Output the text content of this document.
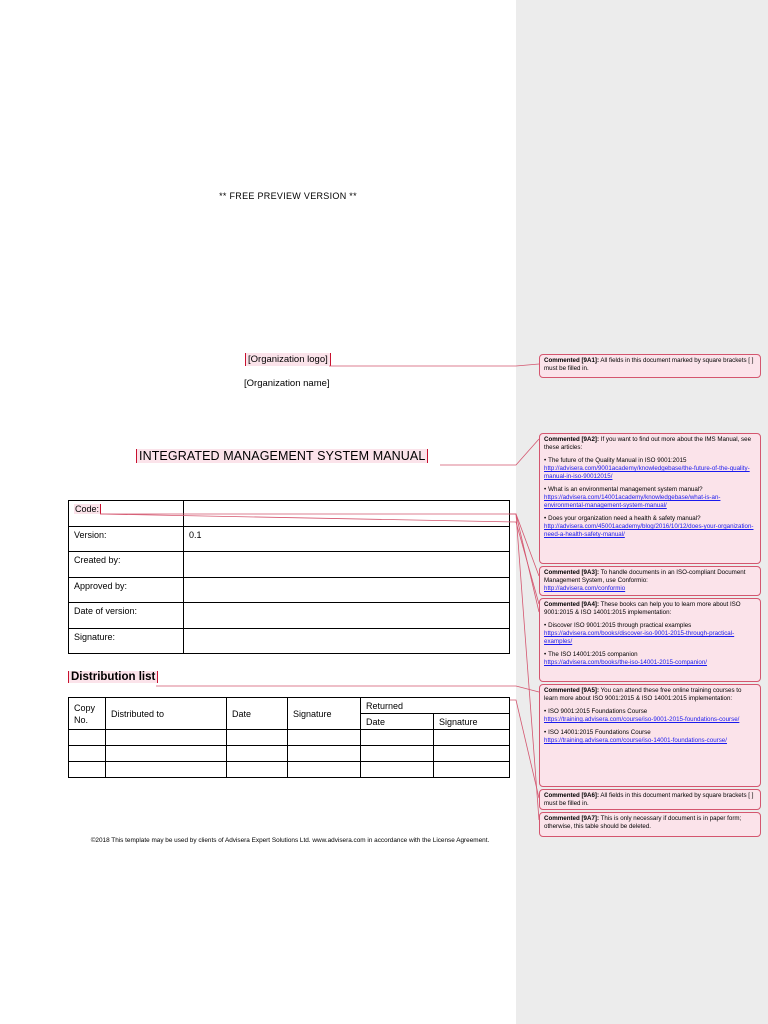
** FREE PREVIEW VERSION **
[Organization logo]
[Organization name]
INTEGRATED MANAGEMENT SYSTEM MANUAL
Code:	
Version:	0.1
Created by:	
Approved by:	
Date of version:	
Signature:	
Distribution list
Copy No.	Distributed to	Date	Signature	Returned	
				Date	Signature

©2018 This template may be used by clients of Advisera Expert Solutions Ltd. www.advisera.com in accordance with the License Agreement.
Commented [9A1]: All fields in this document marked by square brackets [ ] must be filled in.
Commented [9A2]: If you want to find out more about the IMS Manual, see these articles:
• The future of the Quality Manual in ISO 9001:2015
http://advisera.com/9001academy/knowledgebase/the-future-of-the-quality-manual-in-iso-90012015/
• What is an environmental management system manual?
https://advisera.com/14001academy/knowledgebase/what-is-an-environmental-management-system-manual/
• Does your organization need a health & safety manual?
http://advisera.com/45001academy/blog/2016/10/12/does-your-organization-need-a-health-safety-manual/
Commented [9A3]: To handle documents in an ISO-compliant Document Management System, use Conformio:
http://advisera.com/conformio
Commented [9A4]: These books can help you to learn more about ISO 9001:2015 & ISO 14001:2015 implementation:
• Discover ISO 9001:2015 through practical examples
https://advisera.com/books/discover-iso-9001-2015-through-practical-examples/
• The ISO 14001:2015 companion
https://advisera.com/books/the-iso-14001-2015-companion/
Commented [9A5]: You can attend these free online training courses to learn more about ISO 9001:2015 & ISO 14001:2015 implementation:
• ISO 9001:2015 Foundations Course
https://training.advisera.com/course/iso-9001-2015-foundations-course/
• ISO 14001:2015 Foundations Course
https://training.advisera.com/course/iso-14001-foundations-course/
Commented [9A6]: All fields in this document marked by square brackets [ ] must be filled in.
Commented [9A7]: This is only necessary if document is in paper form; otherwise, this table should be deleted.
